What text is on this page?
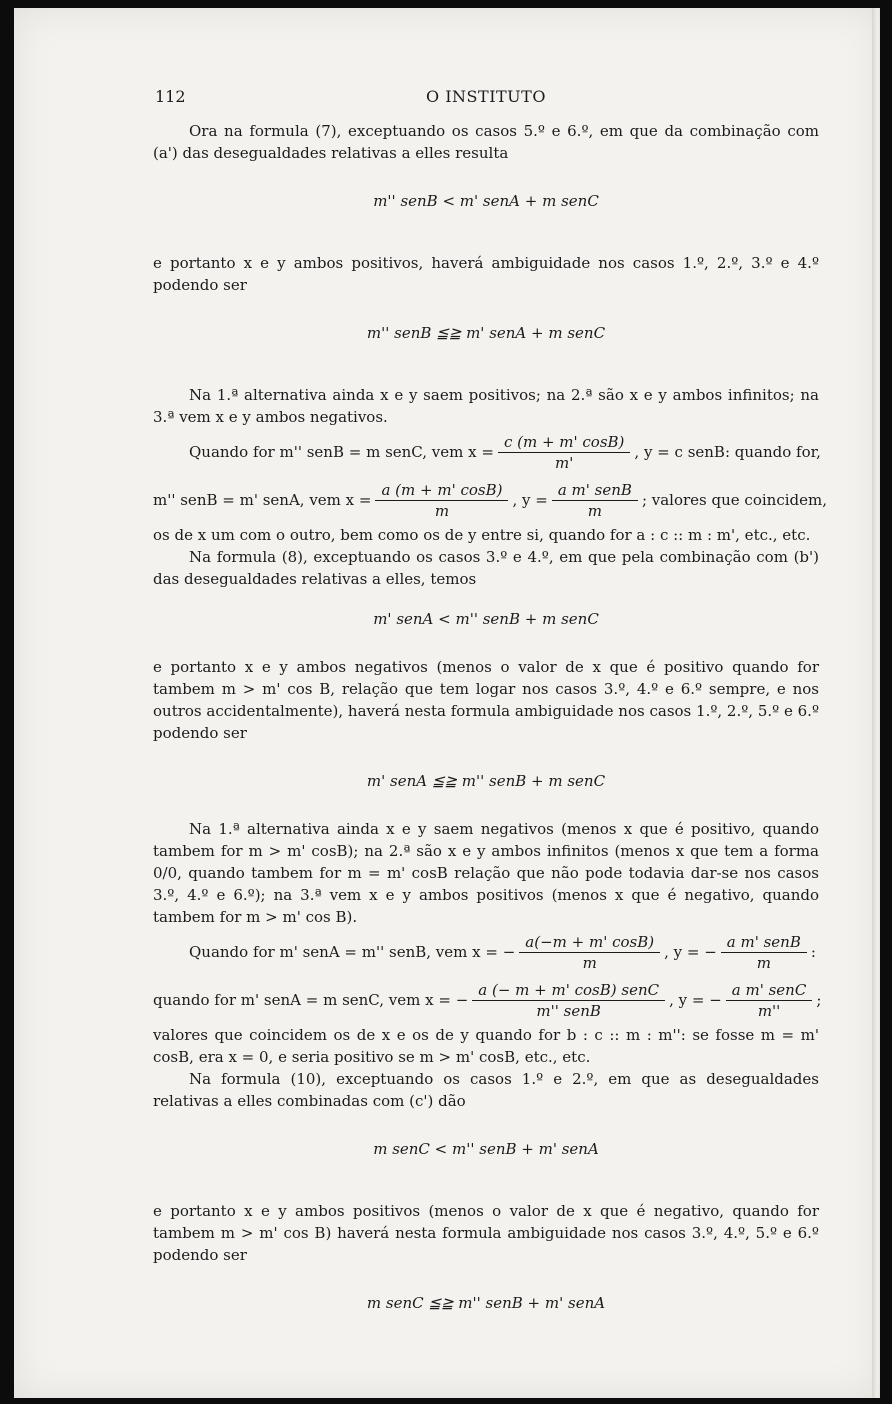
112	O INSTITUTO

Ora na formula (7), exceptuando os casos 5.º e 6.º, em que da combinação com (a') das desegualdades relativas a elles resulta

m'' senB < m' senA + m senC

e portanto x e y ambos positivos, haverá ambiguidade nos casos 1.º, 2.º, 3.º e 4.º podendo ser

m'' senB ≦≧ m' senA + m senC

Na 1.ª alternativa ainda x e y saem positivos; na 2.ª são x e y ambos infinitos; na 3.ª vem x e y ambos negativos.

Quando for m'' senB = m senC, vem $x = \frac{c (m + m' \cos B)}{m'}$ , y = c senB: quando for,
m'' senB = m' senA, vem $x = \frac{a (m + m' \cos B)}{m}$ , $y = \frac{\text{a m' senB}}{m}$ ; valores que coincidem,

os de x um com o outro, bem como os de y entre si, quando for a : c :: m : m', etc., etc.

Na formula (8), exceptuando os casos 3.º e 4.º, em que pela combinação com (b') das desegualdades relativas a elles, temos

m' senA < m'' senB + m senC

e portanto x e y ambos negativos (menos o valor de x que é positivo quando for tambem m > m' cos B, relação que tem logar nos casos 3.º, 4.º e 6.º sempre, e nos outros accidentalmente), haverá nesta formula ambiguidade nos casos 1.º, 2.º, 5.º e 6.º podendo ser

m' senA ≦≧ m'' senB + m senC

Na 1.ª alternativa ainda x e y saem negativos (menos x que é positivo, quando tambem for m > m' cosB); na 2.ª são x e y ambos infinitos (menos x que tem a forma 0/0, quando tambem for m = m' cosB relação que não pode todavia dar-se nos casos 3.º, 4.º e 6.º); na 3.ª vem x e y ambos positivos (menos x que é negativo, quando tambem for m > m' cos B).

Quando for m' senA = m'' senB, vem x = − $\frac{a(-m + m' \cos B)}{m}$ , y = − $\frac{\text{a m' senB}}{m}$ :
quando for m' senA = m senC, vem x = − $\frac{\text{a (− m + m' cosB) senC}}{\text{m'' senB}}$ , y = − $\frac{\text{a m' senC}}{m''}$ ;

valores que coincidem os de x e os de y quando for b : c :: m : m'': se fosse m = m' cosB, era x = 0, e seria positivo se m > m' cosB, etc., etc.

Na formula (10), exceptuando os casos 1.º e 2.º, em que as desegualdades relativas a elles combinadas com (c') dão

m senC < m'' senB + m' senA

e portanto x e y ambos positivos (menos o valor de x que é negativo, quando for tambem m > m' cos B) haverá nesta formula ambiguidade nos casos 3.º, 4.º, 5.º e 6.º podendo ser

m senC ≦≧ m'' senB + m' senA
